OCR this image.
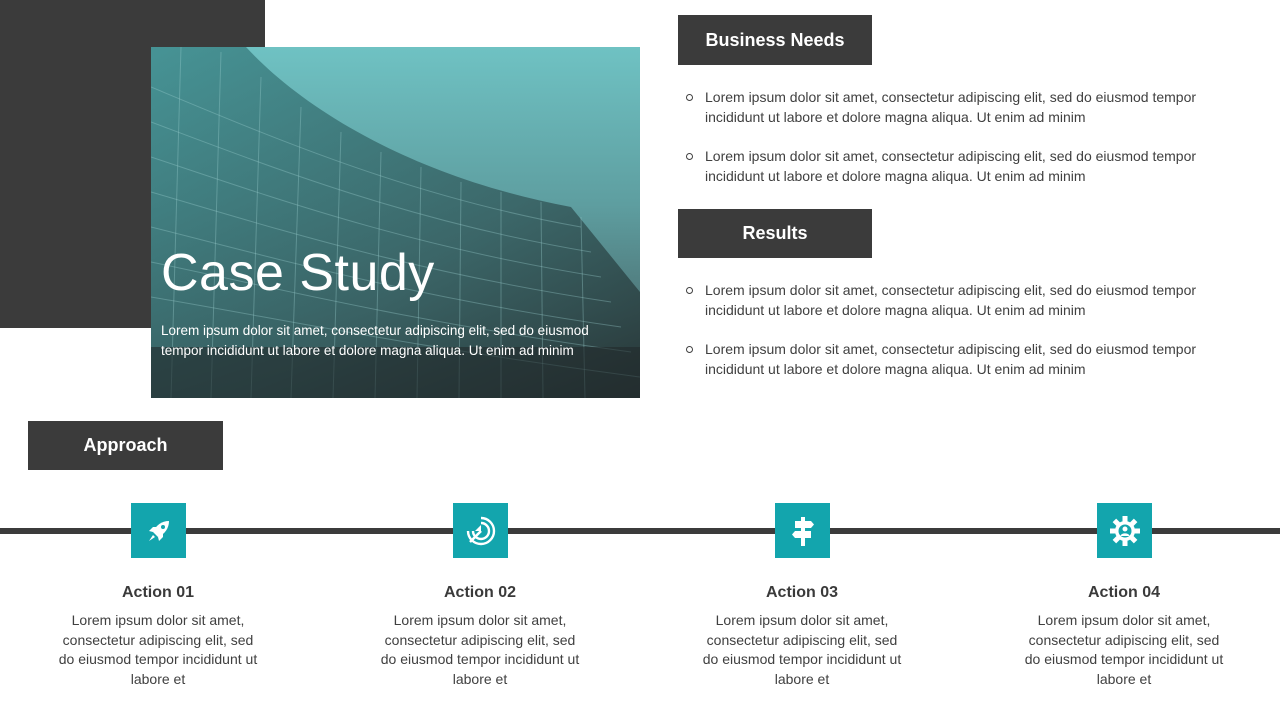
Case Study
Lorem ipsum dolor sit amet, consectetur adipiscing elit, sed do eiusmod tempor incididunt ut labore et dolore magna aliqua. Ut enim ad minim
Business Needs
Lorem ipsum dolor sit amet, consectetur adipiscing elit, sed do eiusmod tempor incididunt ut labore et dolore magna aliqua. Ut enim ad minim
Lorem ipsum dolor sit amet, consectetur adipiscing elit, sed do eiusmod tempor incididunt ut labore et dolore magna aliqua. Ut enim ad minim
Results
Lorem ipsum dolor sit amet, consectetur adipiscing elit, sed do eiusmod tempor incididunt ut labore et dolore magna aliqua. Ut enim ad minim
Lorem ipsum dolor sit amet, consectetur adipiscing elit, sed do eiusmod tempor incididunt ut labore et dolore magna aliqua. Ut enim ad minim
Approach
Action 01
Lorem ipsum dolor sit amet, consectetur adipiscing elit, sed do eiusmod tempor incididunt ut labore et
Action 02
Lorem ipsum dolor sit amet, consectetur adipiscing elit, sed do eiusmod tempor incididunt ut labore et
Action 03
Lorem ipsum dolor sit amet, consectetur adipiscing elit, sed do eiusmod tempor incididunt ut labore et
Action 04
Lorem ipsum dolor sit amet, consectetur adipiscing elit, sed do eiusmod tempor incididunt ut labore et
